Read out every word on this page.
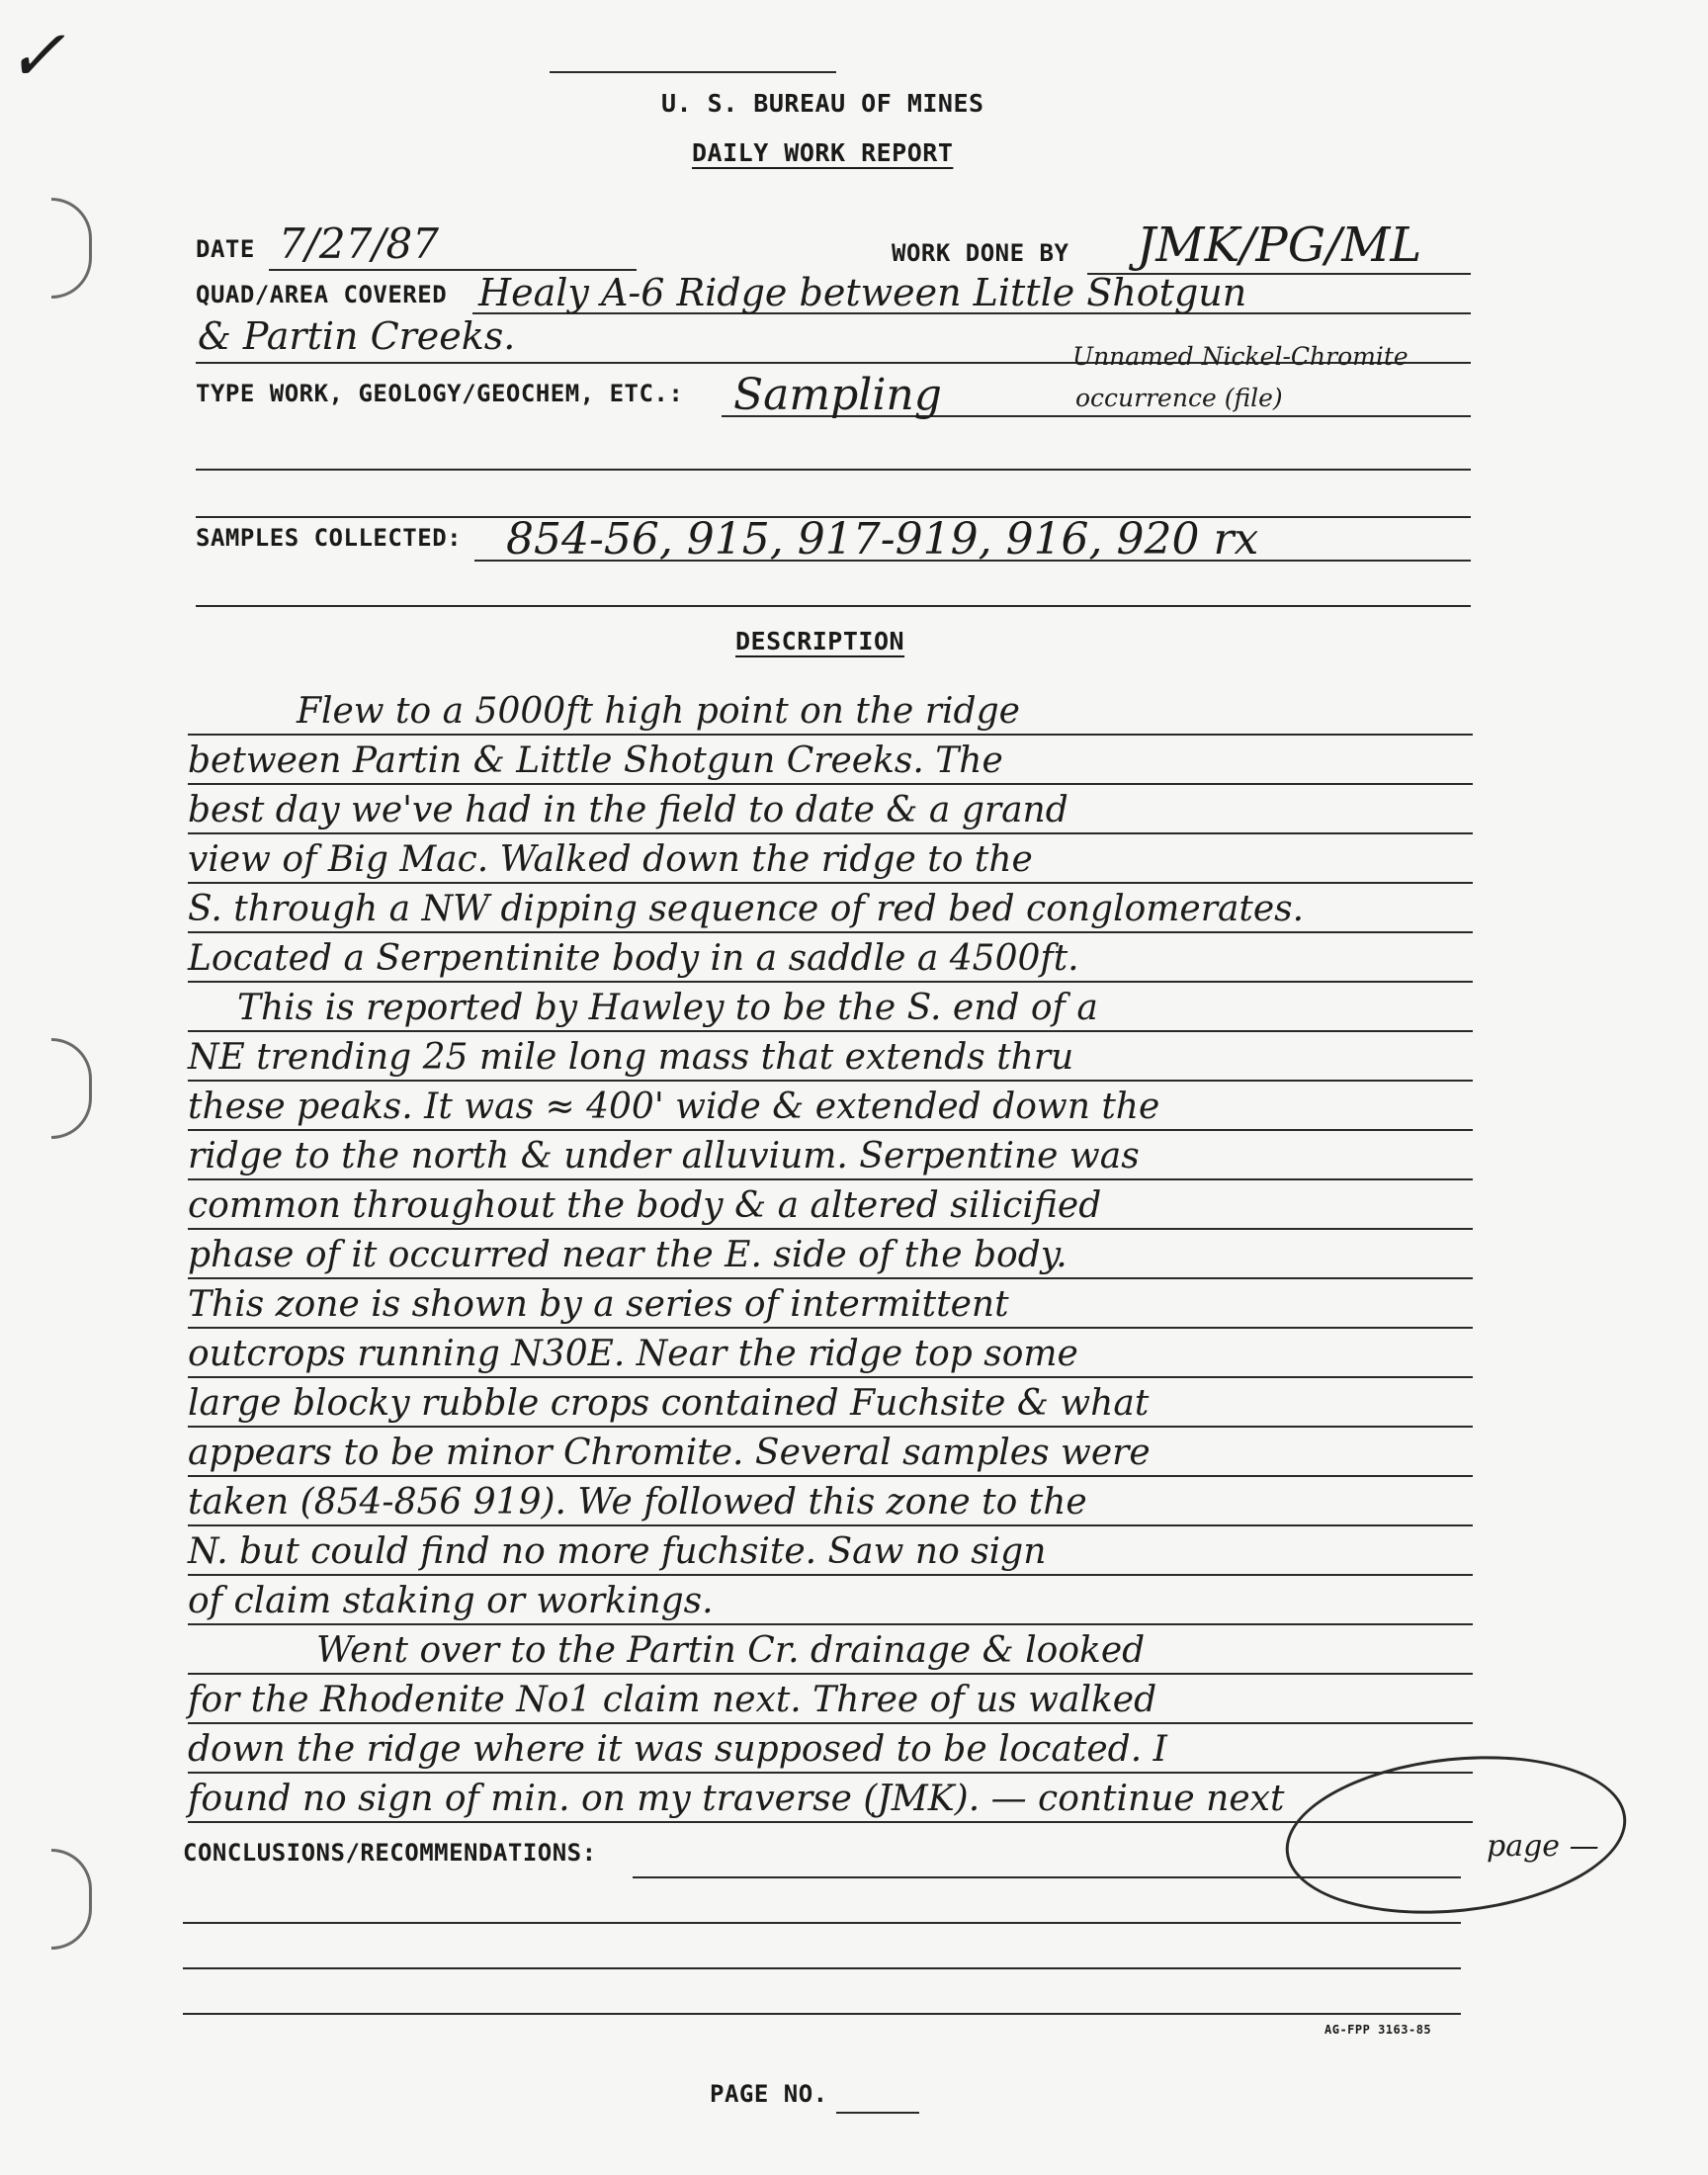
✓
U. S. BUREAU OF MINES
DAILY WORK REPORT
DATE 7/27/87	WORK DONE BY JMK/PG/ML
QUAD/AREA COVERED Healy A-6 Ridge between Little Shotgun
& Partin Creeks.	Unnamed Nickel-Chromite
TYPE WORK, GEOLOGY/GEOCHEM, ETC.: Sampling	occurrence (file)
SAMPLES COLLECTED: 854-56, 915, 917-919, 916, 920 rx
DESCRIPTION
Flew to a 5000ft high point on the ridge
between Partin & Little Shotgun Creeks. The
best day we've had in the field to date & a grand
view of Big Mac. Walked down the ridge to the
S. through a NW dipping sequence of red bed conglomerates.
Located a Serpentinite body in a saddle a 4500ft.
This is reported by Hawley to be the S. end of a
NE trending 25 mile long mass that extends thru
these peaks. It was ≈ 400' wide & extended down the
ridge to the north & under alluvium. Serpentine was
common throughout the body & a altered silicified
phase of it occurred near the E. side of the body.
This zone is shown by a series of intermittent
outcrops running N30E. Near the ridge top some
large blocky rubble crops contained Fuchsite & what
appears to be minor Chromite. Several samples were
taken (854-856 919). We followed this zone to the
N. but could find no more fuchsite. Saw no sign
of claim staking or workings.
Went over to the Partin Cr. drainage & looked
for the Rhodenite No1 claim next. Three of us walked
down the ridge where it was supposed to be located. I
found no sign of min. on my traverse (JMK). — continue next
page —
CONCLUSIONS/RECOMMENDATIONS:
AG-FPP 3163-85
PAGE NO.
